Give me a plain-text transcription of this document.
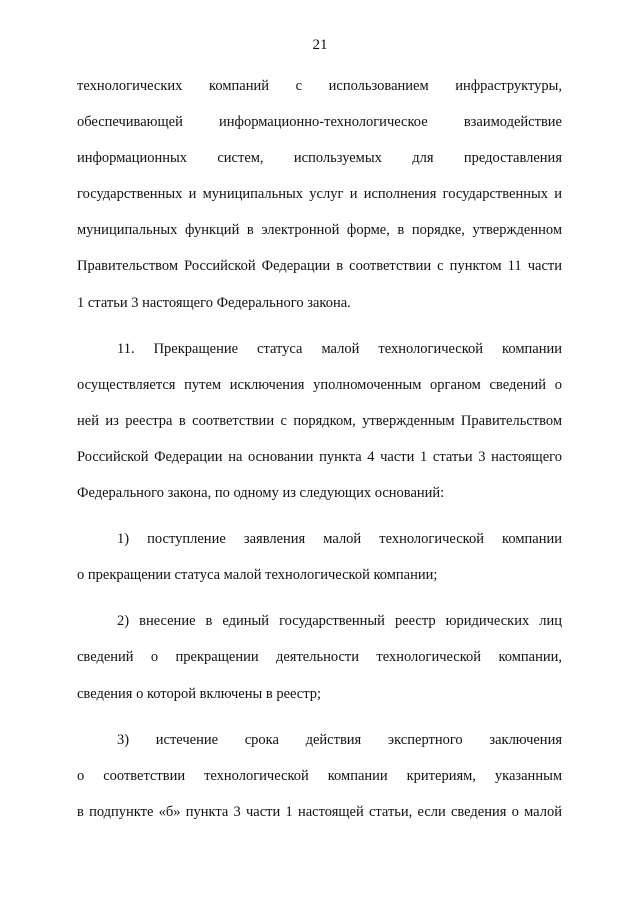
21
технологических компаний с использованием инфраструктуры,
обеспечивающей информационно-технологическое взаимодействие
информационных систем, используемых для предоставления
государственных и муниципальных услуг и исполнения государственных и
муниципальных функций в электронной форме, в порядке, утвержденном
Правительством Российской Федерации в соответствии с пунктом 11 части
1 статьи 3 настоящего Федерального закона.
11. Прекращение статуса малой технологической компании
осуществляется путем исключения уполномоченным органом сведений о
ней из реестра в соответствии с порядком, утвержденным Правительством
Российской Федерации на основании пункта 4 части 1 статьи 3 настоящего
Федерального закона, по одному из следующих оснований:
1) поступление заявления малой технологической компании
о прекращении статуса малой технологической компании;
2) внесение в единый государственный реестр юридических лиц
сведений о прекращении деятельности технологической компании,
сведения о которой включены в реестр;
3) истечение срока действия экспертного заключения
о соответствии технологической компании критериям, указанным
в подпункте «б» пункта 3 части 1 настоящей статьи, если сведения о малой
